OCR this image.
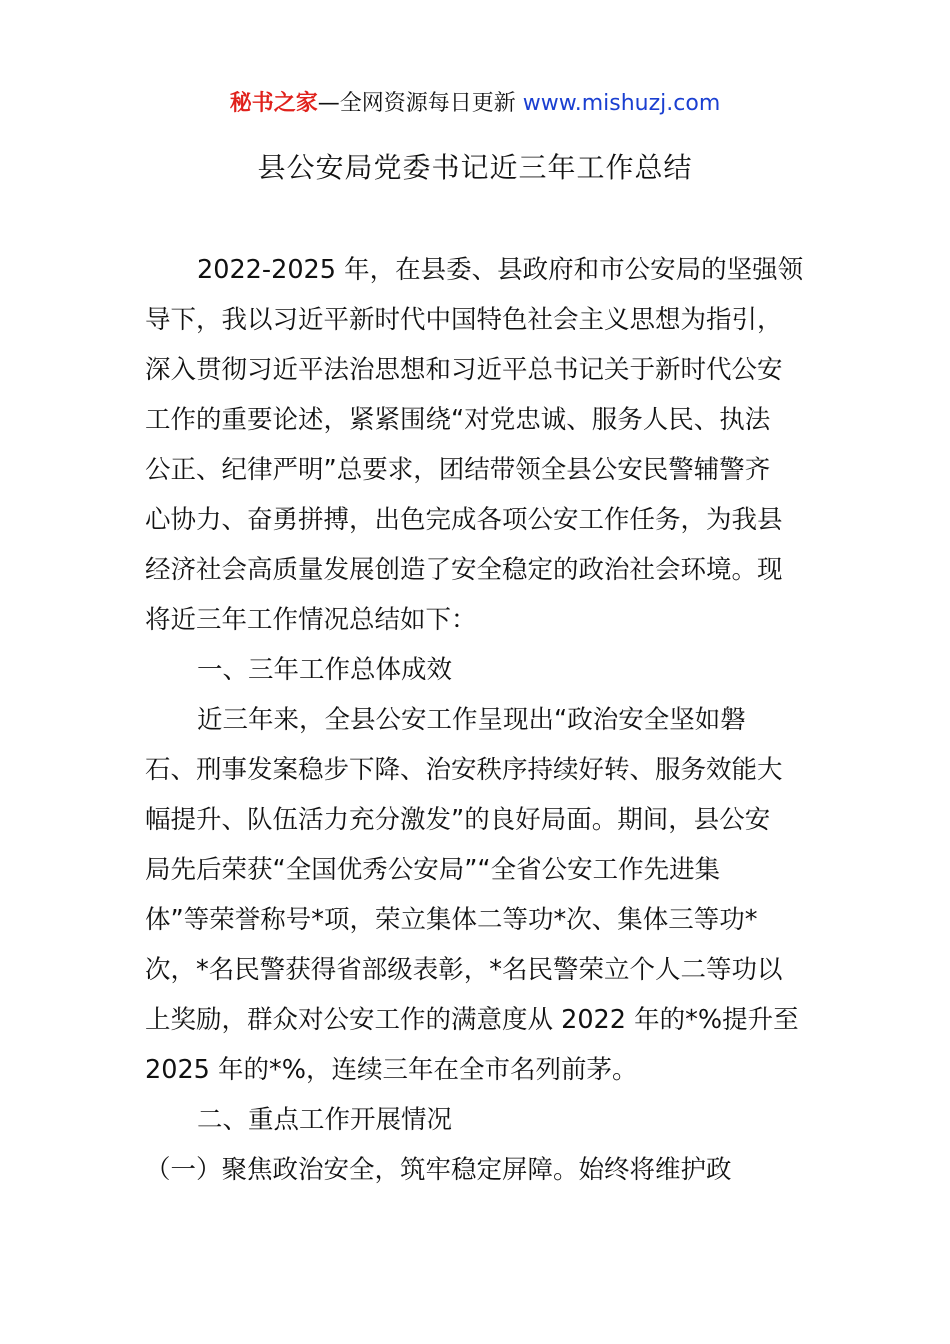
秘书之家—全网资源每日更新 www.mishuzj.com
县公安局党委书记近三年工作总结
2022-2025 年，在县委、县政府和市公安局的坚强领
导下，我以习近平新时代中国特色社会主义思想为指引，
深入贯彻习近平法治思想和习近平总书记关于新时代公安
工作的重要论述，紧紧围绕“对党忠诚、服务人民、执法
公正、纪律严明”总要求，团结带领全县公安民警辅警齐
心协力、奋勇拼搏，出色完成各项公安工作任务，为我县
经济社会高质量发展创造了安全稳定的政治社会环境。现
将近三年工作情况总结如下：
一、三年工作总体成效
近三年来，全县公安工作呈现出“政治安全坚如磐
石、刑事发案稳步下降、治安秩序持续好转、服务效能大
幅提升、队伍活力充分激发”的良好局面。期间，县公安
局先后荣获“全国优秀公安局”“全省公安工作先进集
体”等荣誉称号*项，荣立集体二等功*次、集体三等功*
次，*名民警获得省部级表彰，*名民警荣立个人二等功以
上奖励，群众对公安工作的满意度从 2022 年的*%提升至
2025 年的*%，连续三年在全市名列前茅。
二、重点工作开展情况
（一）聚焦政治安全，筑牢稳定屏障。始终将维护政
